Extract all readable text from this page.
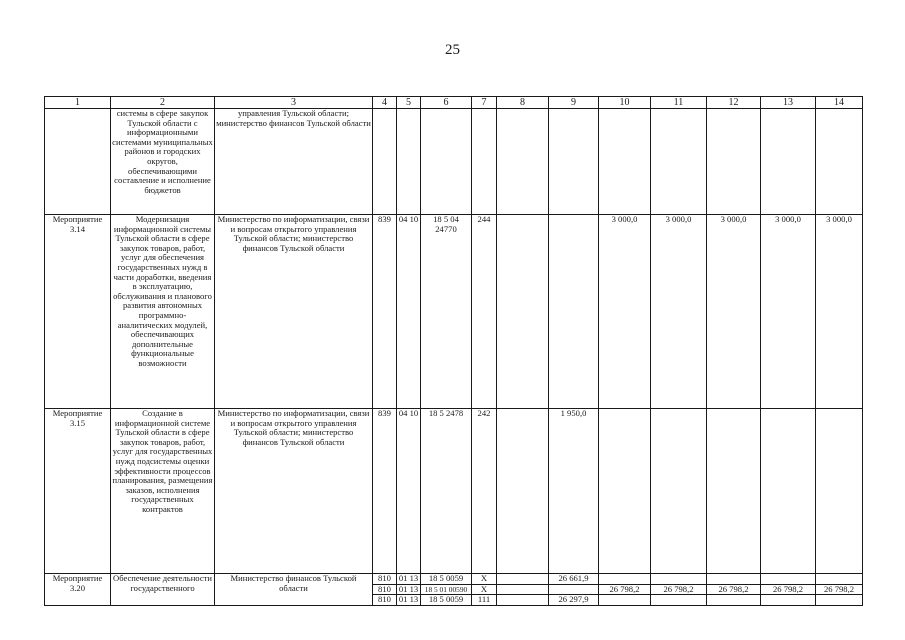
25
1	2	3	4	5	6	7	8	9	10	11	12	13	14
	системы в сфере закупок Тульской области с информационными системами муниципальных районов и городских округов, обеспечивающими составление и исполнение бюджетов	управления Тульской области; министерство финансов Тульской области											
Мероприятие 3.14	Модернизация информационной системы Тульской области в сфере закупок товаров, работ, услуг для обеспечения государственных нужд в части доработки, введения в эксплуатацию, обслуживания и планового развития автономных программно-аналитических модулей, обеспечивающих дополнительные функциональные возможности	Министерство по информатизации, связи и вопросам открытого управления Тульской области; министерство финансов Тульской области	839	04 10	18 5 04 24770	244			3 000,0	3 000,0	3 000,0	3 000,0	3 000,0
Мероприятие 3.15	Создание в информационной системе Тульской области в сфере закупок товаров, работ, услуг для государственных нужд подсистемы оценки эффективности процессов планирования, размещения заказов, исполнения государственных контрактов	Министерство по информатизации, связи и вопросам открытого управления Тульской области; министерство финансов Тульской области	839	04 10	18 5 2478	242		1 950,0					
Мероприятие 3.20	Обеспечение деятельности государственного	Министерство финансов Тульской области	810	01 13	18 5 0059	Х		26 661,9					
			810	01 13	18 5 01 00590	Х			26 798,2	26 798,2	26 798,2	26 798,2	26 798,2
			810	01 13	18 5 0059	111		26 297,9					
